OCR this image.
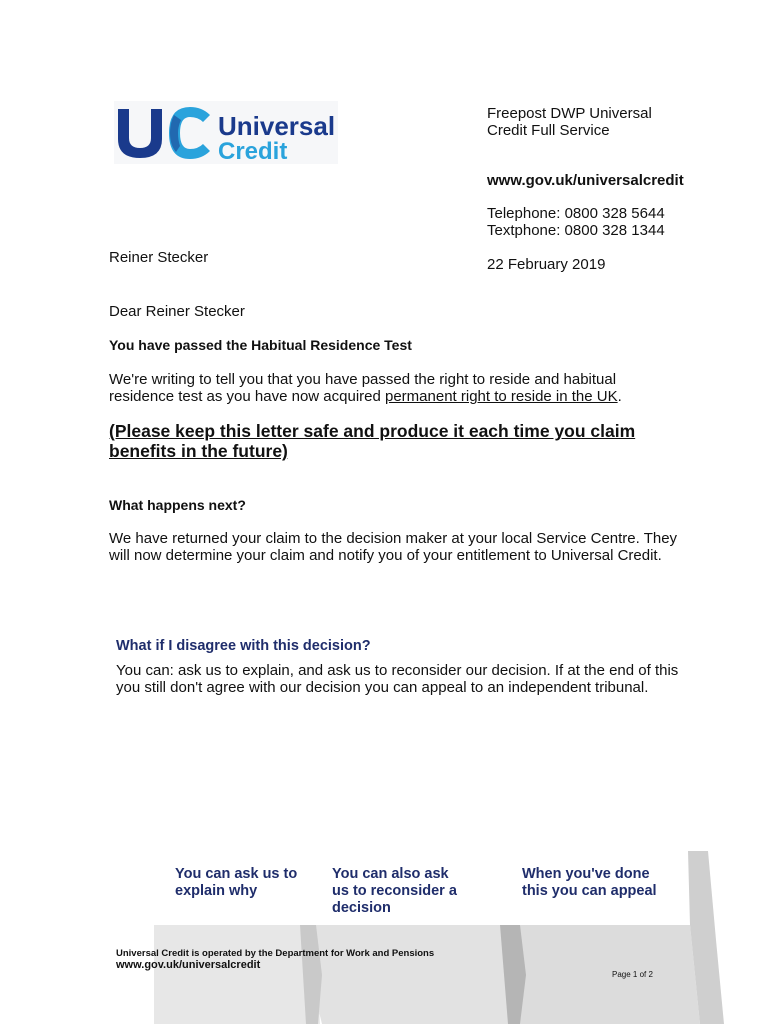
Universal
Credit
Freepost DWP Universal
Credit Full Service
www.gov.uk/universalcredit
Telephone: 0800 328 5644
Textphone: 0800 328 1344
22 February 2019
Reiner Stecker
Dear Reiner Stecker
You have passed the Habitual Residence Test
We're writing to tell you that you have passed the right to reside and habitual residence test as you have now acquired permanent right to reside in the UK.
(Please keep this letter safe and produce it each time you claim benefits in the future)
What happens next?
We have returned your claim to the decision maker at your local Service Centre. They will now determine your claim and notify you of your entitlement to Universal Credit.
What if I disagree with this decision?
You can: ask us to explain, and ask us to reconsider our decision. If at the end of this you still don't agree with our decision you can appeal to an independent tribunal.
You can ask us to explain why
You can also ask us to reconsider a decision
When you've done this you can appeal
Universal Credit is operated by the Department for Work and Pensions
www.gov.uk/universalcredit
Page 1 of 2
